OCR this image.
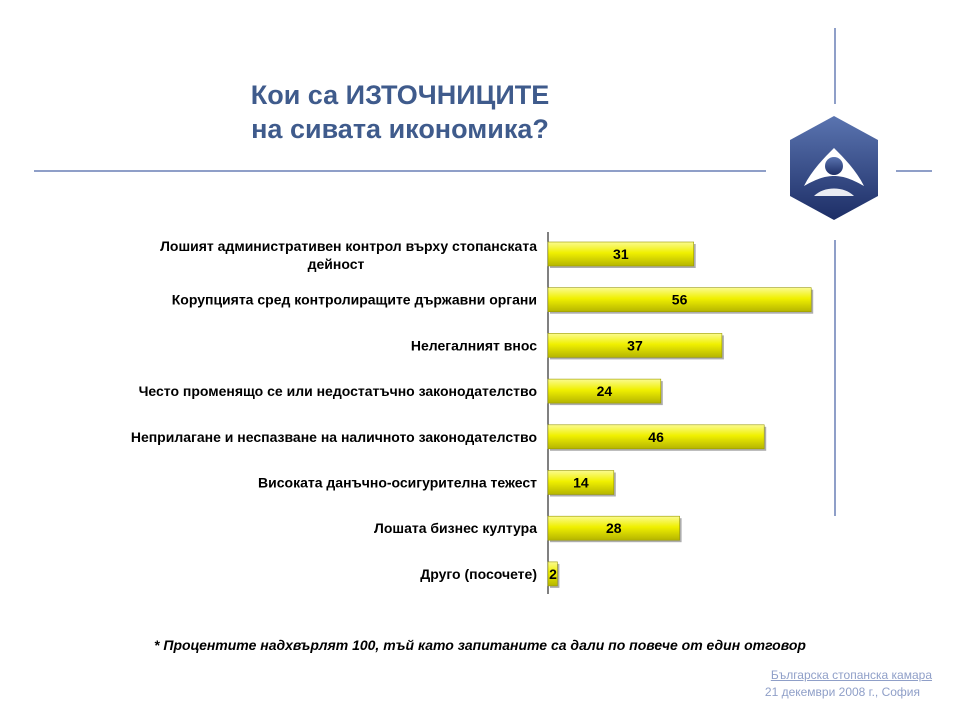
Кои са ИЗТОЧНИЦИТЕ
на сивата икономика?
31
Лошият административен контрол върху стопанската
дейност
56
Корупцията сред контролиращите държавни органи
37
Нелегалният внос
24
Често променящо се или недостатъчно законодателство
46
Неприлагане и неспазване на наличното законодателство
14
Високата данъчно-осигурителна тежест
28
Лошата бизнес култура
2
Друго (посочете)
* Процентите надхвърлят 100, тъй като запитаните са дали по повече от един отговор
Българска стопанска камара
21 декември 2008 г., София
